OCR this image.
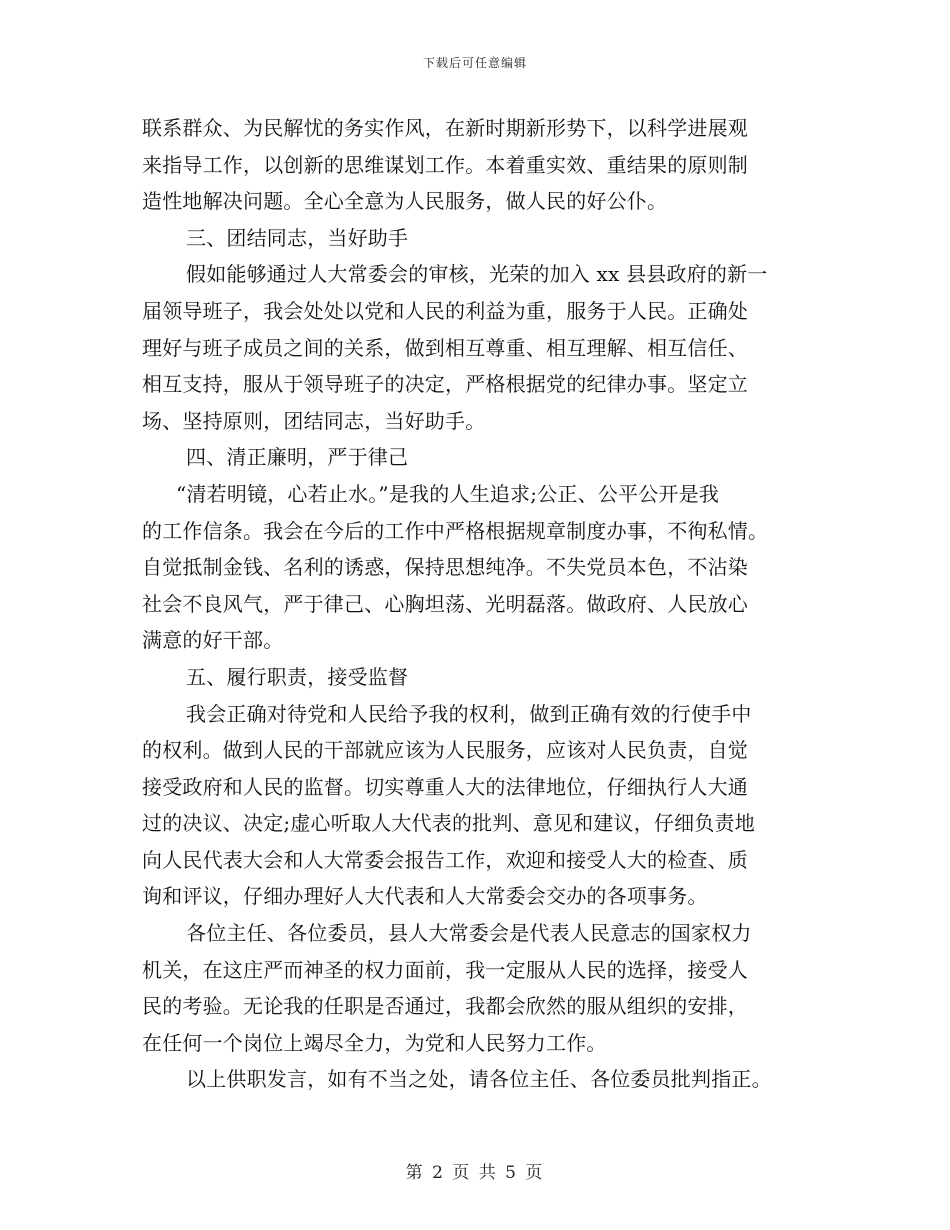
下载后可任意编辑
联系群众、为民解忧的务实作风，在新时期新形势下，以科学进展观
来指导工作，以创新的思维谋划工作。本着重实效、重结果的原则制
造性地解决问题。全心全意为人民服务，做人民的好公仆。
三、团结同志，当好助手
假如能够通过人大常委会的审核，光荣的加入 xx 县县政府的新一
届领导班子，我会处处以党和人民的利益为重，服务于人民。正确处
理好与班子成员之间的关系，做到相互尊重、相互理解、相互信任、
相互支持，服从于领导班子的决定，严格根据党的纪律办事。坚定立
场、坚持原则，团结同志，当好助手。
四、清正廉明，严于律己
“清若明镜，心若止水。”是我的人生追求;公正、公平公开是我
的工作信条。我会在今后的工作中严格根据规章制度办事，不徇私情。
自觉抵制金钱、名利的诱惑，保持思想纯净。不失党员本色，不沾染
社会不良风气，严于律己、心胸坦荡、光明磊落。做政府、人民放心
满意的好干部。
五、履行职责，接受监督
我会正确对待党和人民给予我的权利，做到正确有效的行使手中
的权利。做到人民的干部就应该为人民服务，应该对人民负责，自觉
接受政府和人民的监督。切实尊重人大的法律地位，仔细执行人大通
过的决议、决定;虚心听取人大代表的批判、意见和建议，仔细负责地
向人民代表大会和人大常委会报告工作，欢迎和接受人大的检查、质
询和评议，仔细办理好人大代表和人大常委会交办的各项事务。
各位主任、各位委员，县人大常委会是代表人民意志的国家权力
机关，在这庄严而神圣的权力面前，我一定服从人民的选择，接受人
民的考验。无论我的任职是否通过，我都会欣然的服从组织的安排，
在任何一个岗位上竭尽全力，为党和人民努力工作。
以上供职发言，如有不当之处，请各位主任、各位委员批判指正。
第 2 页 共 5 页
